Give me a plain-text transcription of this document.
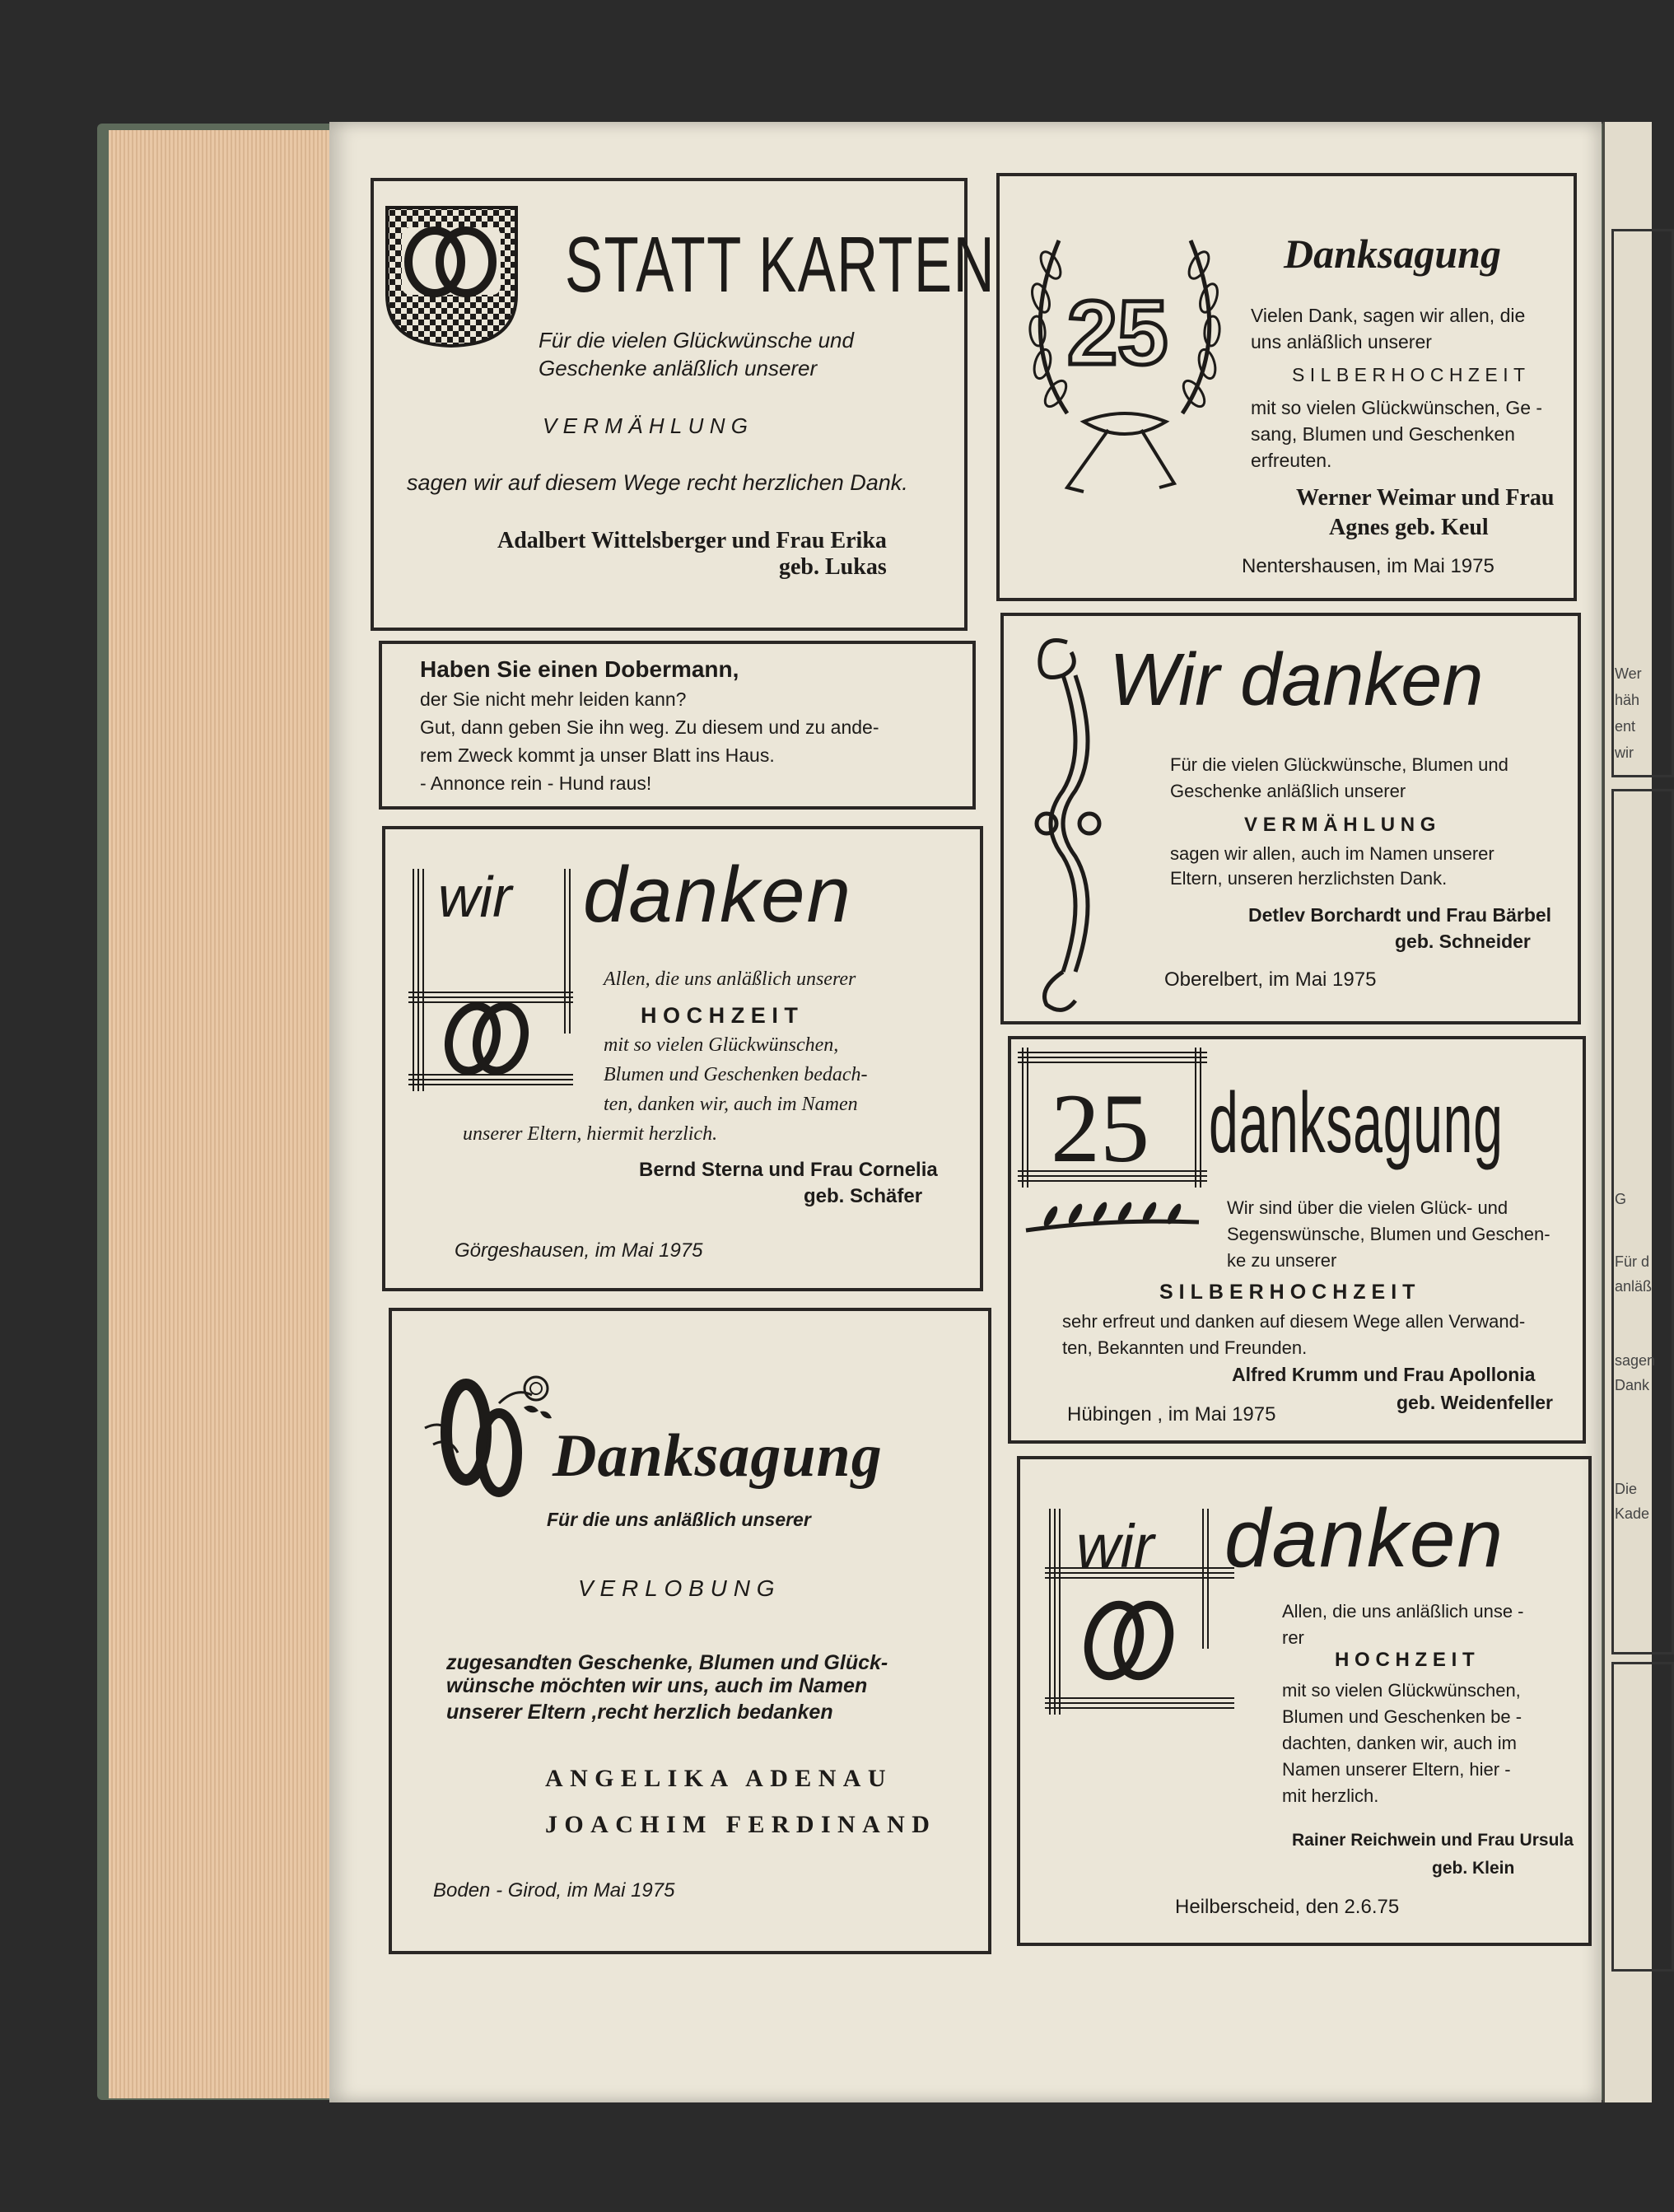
STATT KARTEN
Für die vielen Glückwünsche und
Geschenke anläßlich unserer
VERMÄHLUNG
sagen wir auf diesem Wege recht herzlichen Dank.
Adalbert Wittelsberger und Frau Erika
geb. Lukas
Haben Sie einen Dobermann,
der Sie nicht mehr leiden kann?
Gut, dann geben Sie ihn weg. Zu diesem und zu ande-
rem Zweck kommt ja unser Blatt ins Haus.
- Annonce rein - Hund raus!
wir danken
Allen, die uns anläßlich unserer
HOCHZEIT
mit so vielen Glückwünschen,
Blumen und Geschenken bedach-
ten, danken wir, auch im Namen
unserer Eltern, hiermit herzlich.
Bernd Sterna und Frau Cornelia
geb. Schäfer
Görgeshausen, im Mai 1975
Danksagung
Für die uns anläßlich unserer
VERLOBUNG
zugesandten Geschenke, Blumen und Glück-
wünsche möchten wir uns, auch im Namen
unserer Eltern ,recht herzlich bedanken
ANGELIKA ADENAU
JOACHIM FERDINAND
Boden - Girod, im Mai 1975
25
Danksagung
Vielen Dank, sagen wir allen, die
uns anläßlich unserer
SILBERHOCHZEIT
mit so vielen Glückwünschen, Ge -
sang, Blumen und Geschenken
erfreuten.
Werner Weimar und Frau
Agnes geb. Keul
Nentershausen, im Mai 1975
Wir danken
Für die vielen Glückwünsche, Blumen und
Geschenke anläßlich unserer
VERMÄHLUNG
sagen wir allen, auch im Namen unserer
Eltern, unseren herzlichsten Dank.
Detlev Borchardt und Frau Bärbel
geb. Schneider
Oberelbert, im Mai 1975
25 danksagung
Wir sind über die vielen Glück- und
Segenswünsche, Blumen und Geschen-
ke zu unserer
SILBERHOCHZEIT
sehr erfreut und danken auf diesem Wege allen Verwand-
ten, Bekannten und Freunden.
Alfred Krumm und Frau Apollonia
geb. Weidenfeller
Hübingen , im Mai 1975
wir danken
Allen, die uns anläßlich unse -
rer
HOCHZEIT
mit so vielen Glückwünschen,
Blumen und Geschenken be -
dachten, danken wir, auch im
Namen unserer Eltern, hier -
mit herzlich.
Rainer Reichwein und Frau Ursula
geb. Klein
Heilberscheid, den 2.6.75
Wer
häh
ent
wir
G
Für d
anläß
sagen
Dank
Die
Kade
